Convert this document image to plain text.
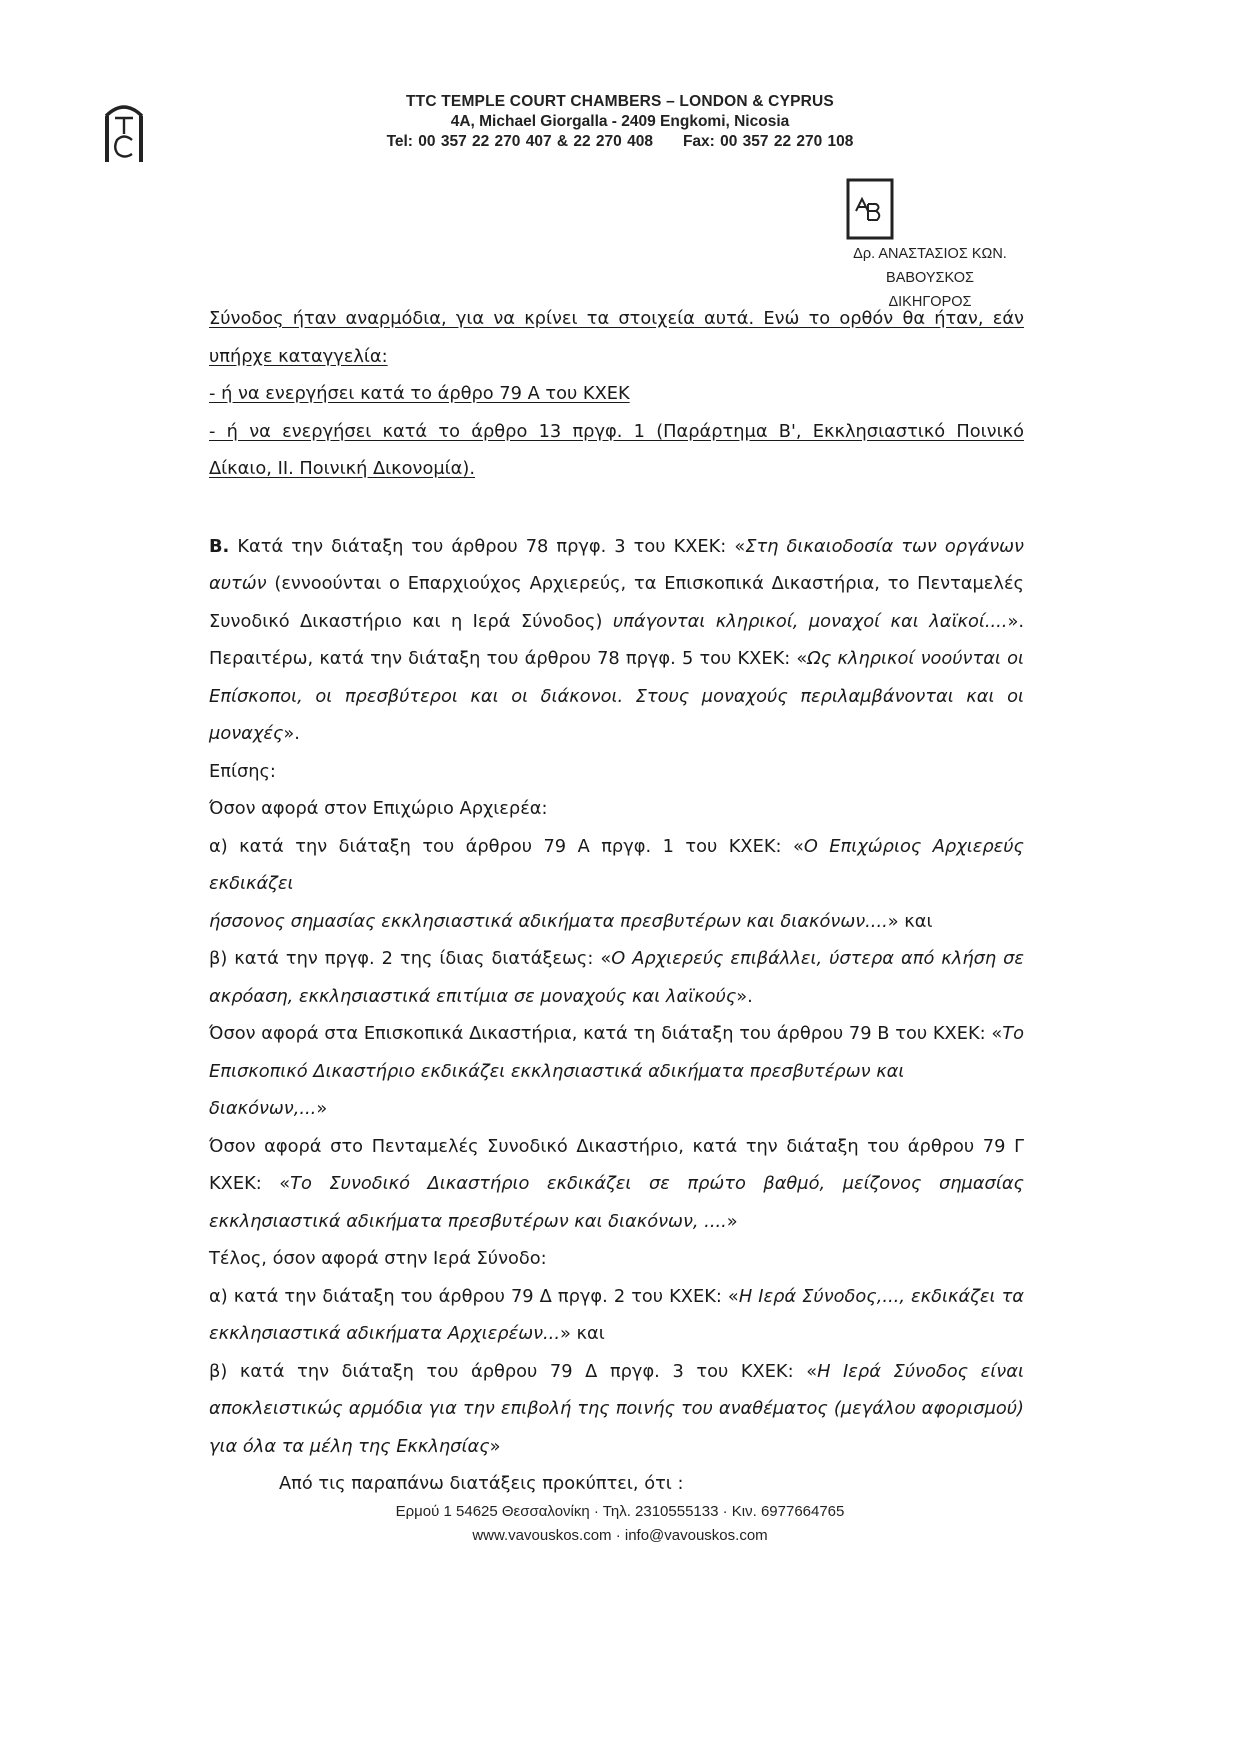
TTC TEMPLE COURT CHAMBERS – LONDON & CYPRUS
4A, Michael Giorgalla - 2409 Engkomi, Nicosia
Tel: 00 357 22 270 407 & 22 270 408 Fax: 00 357 22 270 108
Δρ. ΑΝΑΣΤΑΣΙΟΣ ΚΩΝ. ΒΑΒΟΥΣΚΟΣ
ΔΙΚΗΓΟΡΟΣ

Σύνοδος ήταν αναρμόδια, για να κρίνει τα στοιχεία αυτά. Ενώ το ορθόν θα ήταν, εάν

υπήρχε καταγγελία:

- ή να ενεργήσει κατά το άρθρο 79 Α του ΚΧΕΚ

- ή να ενεργήσει κατά το άρθρο 13 πργφ. 1 (Παράρτημα Β', Εκκλησιαστικό Ποινικό

Δίκαιο, ΙΙ. Ποινική Δικονομία).

Β. Κατά την διάταξη του άρθρου 78 πργφ. 3 του ΚΧΕΚ: «Στη δικαιοδοσία των οργάνων

αυτών (εννοούνται ο Επαρχιούχος Αρχιερεύς, τα Επισκοπικά Δικαστήρια, το Πενταμελές

Συνοδικό Δικαστήριο και η Ιερά Σύνοδος) υπάγονται κληρικοί, μοναχοί και λαϊκοί....».

Περαιτέρω, κατά την διάταξη του άρθρου 78 πργφ. 5 του ΚΧΕΚ: «Ως κληρικοί νοούνται οι

Επίσκοποι, οι πρεσβύτεροι και οι διάκονοι. Στους μοναχούς περιλαμβάνονται και οι

μοναχές».

Επίσης:

Όσον αφορά στον Επιχώριο Αρχιερέα:

α) κατά την διάταξη του άρθρου 79 Α πργφ. 1 του ΚΧΕΚ: «Ο Επιχώριος Αρχιερεύς εκδικάζει

ήσσονος σημασίας εκκλησιαστικά αδικήματα πρεσβυτέρων και διακόνων....» και

β) κατά την πργφ. 2 της ίδιας διατάξεως: «Ο Αρχιερεύς επιβάλλει, ύστερα από κλήση σε

ακρόαση, εκκλησιαστικά επιτίμια σε μοναχούς και λαϊκούς».

Όσον αφορά στα Επισκοπικά Δικαστήρια, κατά τη διάταξη του άρθρου 79 Β του ΚΧΕΚ: «Το

Επισκοπικό Δικαστήριο εκδικάζει εκκλησιαστικά αδικήματα πρεσβυτέρων και διακόνων,...»

Όσον αφορά στο Πενταμελές Συνοδικό Δικαστήριο, κατά την διάταξη του άρθρου 79 Γ

ΚΧΕΚ: «Το Συνοδικό Δικαστήριο εκδικάζει σε πρώτο βαθμό, μείζονος σημασίας

εκκλησιαστικά αδικήματα πρεσβυτέρων και διακόνων, ....»

Τέλος, όσον αφορά στην Ιερά Σύνοδο:

α) κατά την διάταξη του άρθρου 79 Δ πργφ. 2 του ΚΧΕΚ: «Η Ιερά Σύνοδος,..., εκδικάζει τα

εκκλησιαστικά αδικήματα Αρχιερέων...» και

β) κατά την διάταξη του άρθρου 79 Δ πργφ. 3 του ΚΧΕΚ: «Η Ιερά Σύνοδος είναι

αποκλειστικώς αρμόδια για την επιβολή της ποινής του αναθέματος (μεγάλου αφορισμού)

για όλα τα μέλη της Εκκλησίας»

Από τις παραπάνω διατάξεις προκύπτει, ότι :

Ερμού 1 54625 Θεσσαλονίκη · Τηλ. 2310555133 · Κιν. 6977664765
www.vavouskos.com · info@vavouskos.com
